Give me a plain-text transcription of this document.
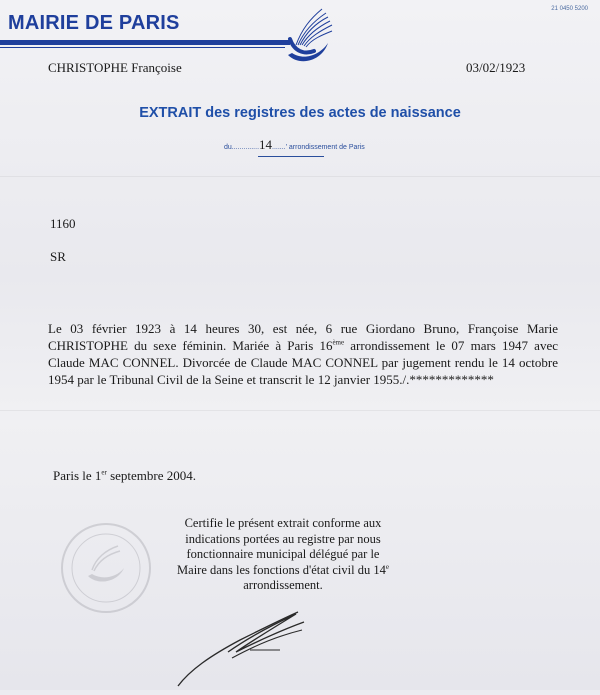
21 0450 5200
MAIRIE DE PARIS
CHRISTOPHE Françoise	03/02/1923
EXTRAIT des registres des actes de naissance
du..............14.......' arrondissement de Paris
1160
SR
Le 03 février 1923 à 14 heures 30, est née, 6 rue Giordano Bruno, Françoise Marie CHRISTOPHE du sexe féminin. Mariée à Paris 16ème arrondissement le 07 mars 1947 avec Claude MAC CONNEL. Divorcée de Claude MAC CONNEL par jugement rendu le 14 octobre 1954 par le Tribunal Civil de la Seine et transcrit le 12 janvier 1955./.*************
Paris le 1er septembre 2004.
Certifie le présent extrait conforme aux indications portées au registre par nous fonctionnaire municipal délégué par le Maire dans les fonctions d'état civil du 14e arrondissement.
